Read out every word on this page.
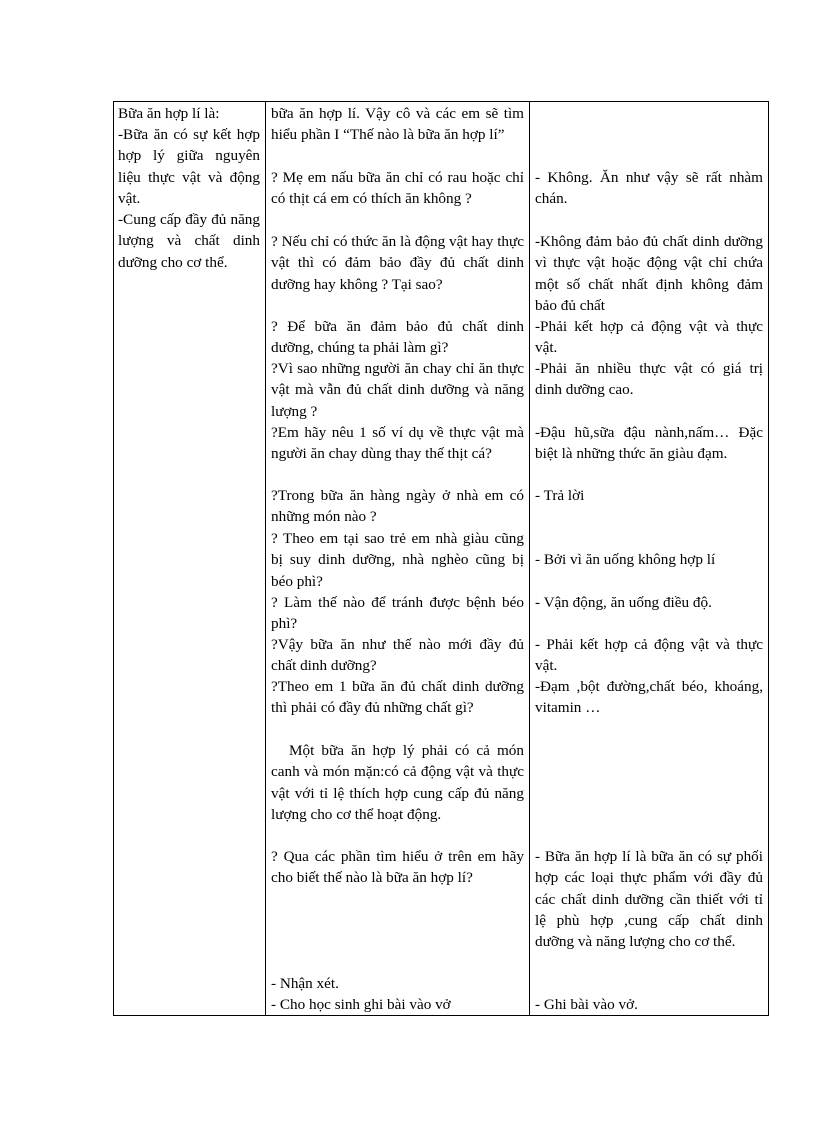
Bữa ăn hợp lí là:

-Bữa ăn có sự kết hợp hợp lý giữa nguyên liệu thực vật và động vật.

-Cung cấp đầy đủ năng lượng và chất dinh dưỡng cho cơ thể.

bữa ăn hợp lí. Vậy cô và các em sẽ tìm hiểu phần I “Thế nào là bữa ăn hợp lí”

? Mẹ em nấu bữa ăn chỉ có rau hoặc chỉ có thịt cá em có thích ăn không ?

? Nếu chỉ có thức ăn là động vật hay thực vật thì có đảm bảo đầy đủ chất dinh dưỡng hay không ? Tại sao?

? Để bữa ăn đảm bảo đủ chất dinh dưỡng, chúng ta phải làm gì?

?Vì sao những người ăn chay chỉ ăn thực vật mà vẫn đủ chất dinh dưỡng và năng lượng ?

?Em hãy nêu 1 số ví dụ về thực vật mà người ăn chay dùng thay thế thịt cá?

?Trong bữa ăn hàng ngày ở nhà em có những món nào ?

? Theo em tại sao trẻ em nhà giàu cũng bị suy dinh dưỡng, nhà nghèo cũng bị béo phì?

? Làm thế nào để tránh được bệnh béo phì?

?Vậy bữa ăn như thế nào mới đầy đủ chất dinh dưỡng?

?Theo em 1 bữa ăn đủ chất dinh dưỡng thì phải có đầy đủ những chất gì?

Một bữa ăn hợp lý phải có cả món canh và món mặn:có cả động vật và thực vật với tỉ lệ thích hợp cung cấp đủ năng lượng cho cơ thể hoạt động.

? Qua các phần tìm hiểu ở trên em hãy cho biết thế nào là bữa ăn hợp lí?

- Nhận xét.

- Cho học sinh ghi bài vào vở

- Không. Ăn như vậy sẽ rất nhàm chán.

-Không đảm bảo đủ chất dinh dưỡng vì thực vật hoặc động vật chỉ chứa một số chất nhất định không đảm bảo đủ chất

-Phải kết hợp cả động vật và thực vật.

-Phải ăn nhiều thực vật có giá trị dinh dưỡng cao.

-Đậu hũ,sữa đậu nành,nấm… Đặc biệt là những thức ăn giàu đạm.

- Trả lời

- Bởi vì ăn uống không hợp lí

- Vận động, ăn uống điều độ.

- Phải kết hợp cả động vật và thực vật.

-Đạm ,bột đường,chất béo, khoáng, vitamin …

- Bữa ăn hợp lí là bữa ăn có sự phối hợp các loại thực phẩm với đầy đủ các chất dinh dưỡng cần thiết với tỉ lệ phù hợp ,cung cấp chất dinh dưỡng và năng lượng cho cơ thể.

- Ghi bài vào vở.
